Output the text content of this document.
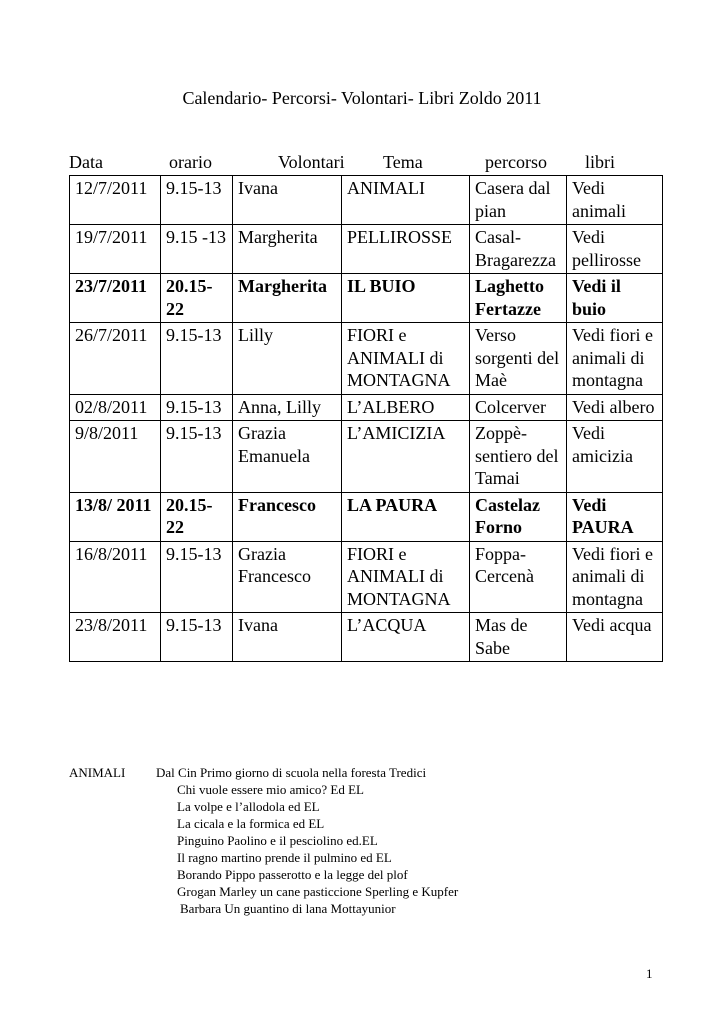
Calendario- Percorsi- Volontari- Libri Zoldo 2011
Data	orario	Volontari Tema	percorso libri
12/7/2011	9.15-13	Ivana	ANIMALI	Casera dal pian	Vedi animali
19/7/2011	9.15 -13	Margherita	PELLIROSSE	Casal-Bragarezza	Vedi pellirosse
23/7/2011	20.15-22	Margherita	IL BUIO	Laghetto Fertazze	Vedi il buio
26/7/2011	9.15-13	Lilly	FIORI e ANIMALI di MONTAGNA	Verso sorgenti del Maè	Vedi fiori e animali di montagna
02/8/2011	9.15-13	Anna, Lilly	L’ALBERO	Colcerver	Vedi albero
9/8/2011	9.15-13	Grazia Emanuela	L’AMICIZIA	Zoppè-sentiero del Tamai	Vedi amicizia
13/8/ 2011	20.15-22	Francesco	LA PAURA	Castelaz Forno	Vedi PAURA
16/8/2011	9.15-13	Grazia Francesco	FIORI e ANIMALI di MONTAGNA	Foppa-Cercenà	Vedi fiori e animali di montagna
23/8/2011	9.15-13	Ivana	L’ACQUA	Mas de Sabe	Vedi acqua
ANIMALI Dal Cin Primo giorno di scuola nella foresta Tredici
Chi vuole essere mio amico? Ed EL
La volpe e l’allodola ed EL
La cicala e la formica ed EL
Pinguino Paolino e il pesciolino ed.EL
Il ragno martino prende il pulmino ed EL
Borando Pippo passerotto e la legge del plof
Grogan Marley un cane pasticcione Sperling e Kupfer
Barbara Un guantino di lana Mottayunior
1
